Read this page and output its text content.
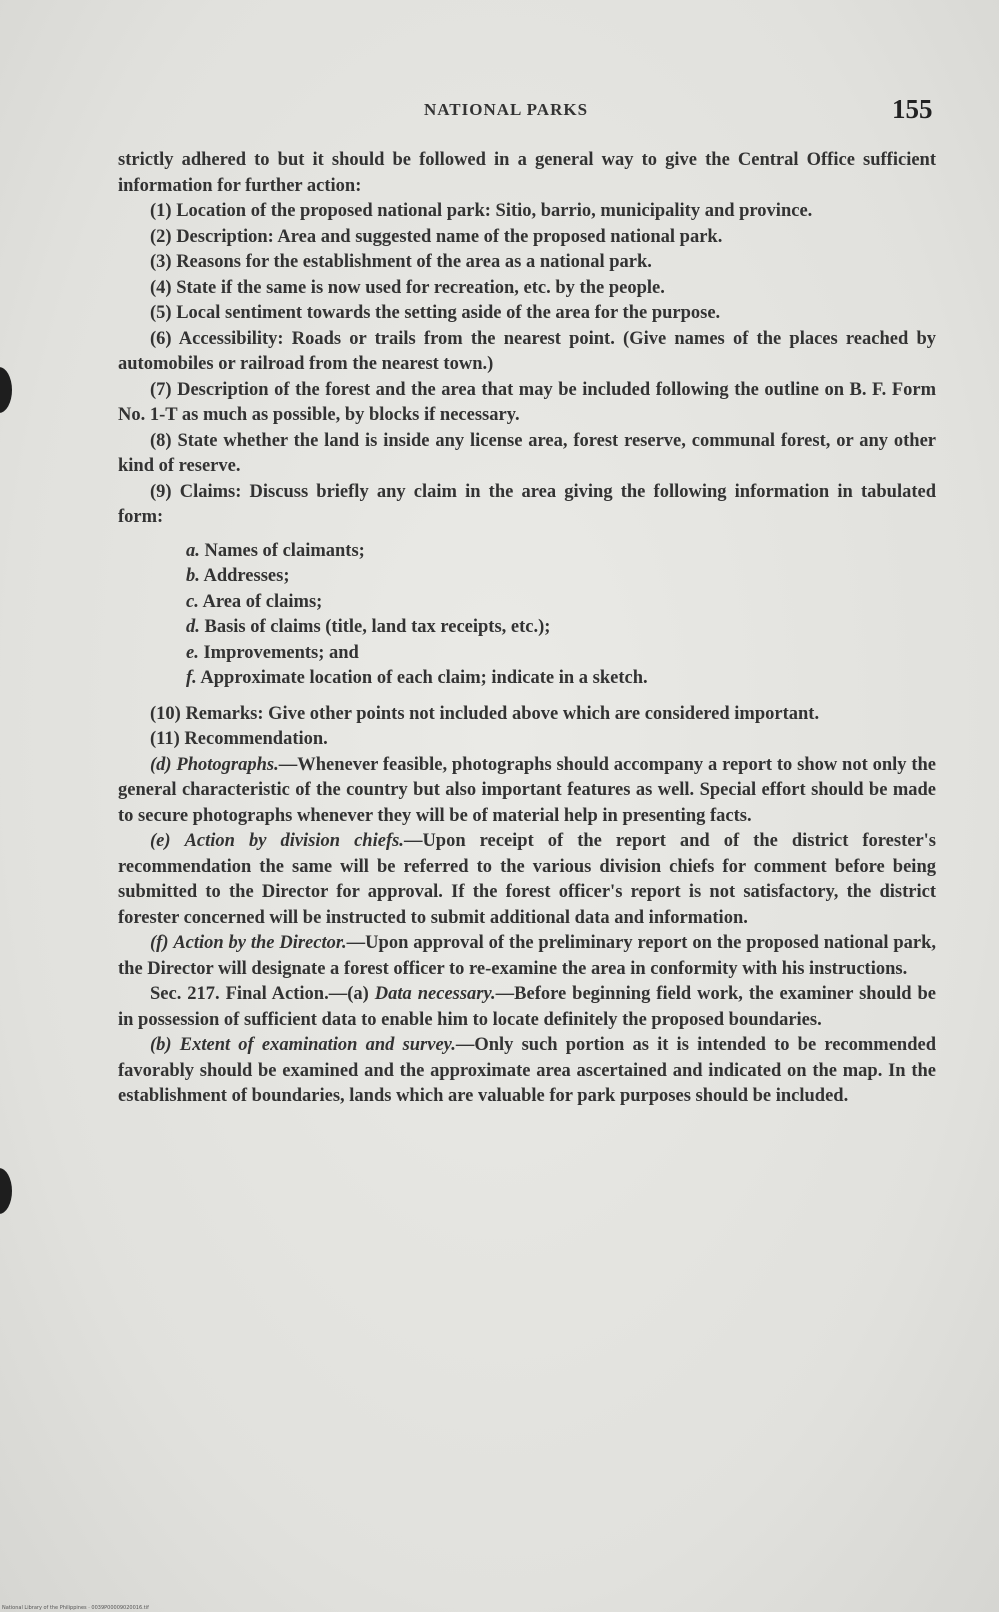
NATIONAL PARKS	155

strictly adhered to but it should be followed in a general way to give the Central Office sufficient information for further action:

(1) Location of the proposed national park: Sitio, barrio, municipality and province.

(2) Description: Area and suggested name of the proposed national park.

(3) Reasons for the establishment of the area as a national park.

(4) State if the same is now used for recreation, etc. by the people.

(5) Local sentiment towards the setting aside of the area for the purpose.

(6) Accessibility: Roads or trails from the nearest point. (Give names of the places reached by automobiles or railroad from the nearest town.)

(7) Description of the forest and the area that may be included following the outline on B. F. Form No. 1-T as much as possible, by blocks if necessary.

(8) State whether the land is inside any license area, forest reserve, communal forest, or any other kind of reserve.

(9) Claims: Discuss briefly any claim in the area giving the following information in tabulated form:

a. Names of claimants;
b. Addresses;
c. Area of claims;
d. Basis of claims (title, land tax receipts, etc.);
e. Improvements; and
f. Approximate location of each claim; indicate in a sketch.

(10) Remarks: Give other points not included above which are considered important.

(11) Recommendation.

(d) Photographs.—Whenever feasible, photographs should accompany a report to show not only the general characteristic of the country but also important features as well. Special effort should be made to secure photographs whenever they will be of material help in presenting facts.

(e) Action by division chiefs.—Upon receipt of the report and of the district forester's recommendation the same will be referred to the various division chiefs for comment before being submitted to the Director for approval. If the forest officer's report is not satisfactory, the district forester concerned will be instructed to submit additional data and information.

(f) Action by the Director.—Upon approval of the preliminary report on the proposed national park, the Director will designate a forest officer to re-examine the area in conformity with his instructions.

Sec. 217. Final Action.—(a) Data necessary.—Before beginning field work, the examiner should be in possession of sufficient data to enable him to locate definitely the proposed boundaries.

(b) Extent of examination and survey.—Only such portion as it is intended to be recommended favorably should be examined and the approximate area ascertained and indicated on the map. In the establishment of boundaries, lands which are valuable for park purposes should be included.

National Library of the Philippines · 0039P00009020016.tif
